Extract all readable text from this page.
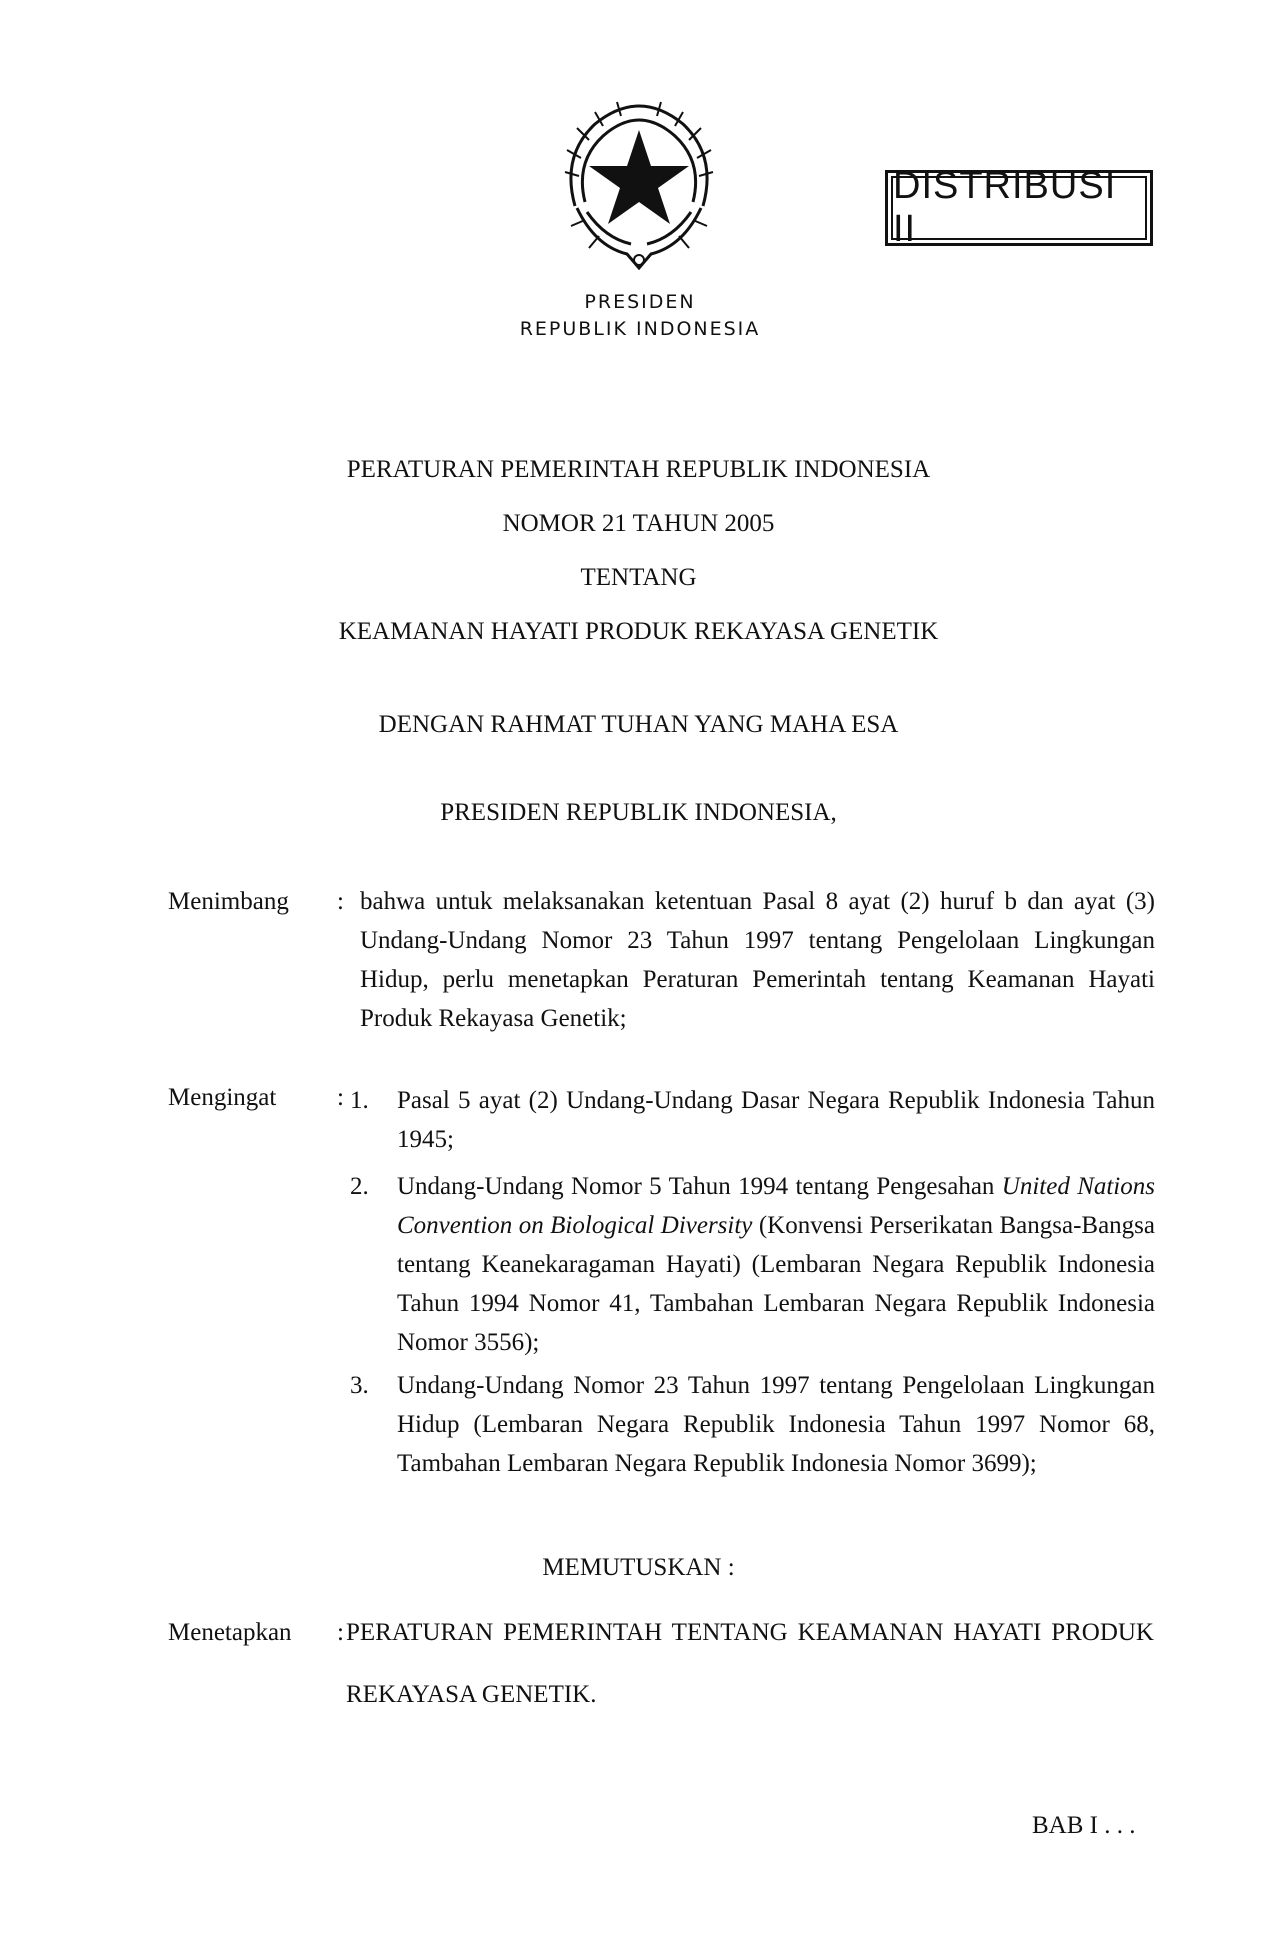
DISTRIBUSI II
PRESIDEN
REPUBLIK INDONESIA
PERATURAN PEMERINTAH REPUBLIK INDONESIA
NOMOR 21 TAHUN 2005
TENTANG
KEAMANAN HAYATI PRODUK REKAYASA GENETIK
DENGAN RAHMAT TUHAN YANG MAHA ESA
PRESIDEN REPUBLIK INDONESIA,
Menimbang : bahwa untuk melaksanakan ketentuan Pasal 8 ayat (2) huruf b dan ayat (3) Undang-Undang Nomor 23 Tahun 1997 tentang Pengelolaan Lingkungan Hidup, perlu menetapkan Peraturan Pemerintah tentang Keamanan Hayati Produk Rekayasa Genetik;
Mengingat : 1. Pasal 5 ayat (2) Undang-Undang Dasar Negara Republik Indonesia Tahun 1945;
2. Undang-Undang Nomor 5 Tahun 1994 tentang Pengesahan United Nations Convention on Biological Diversity (Konvensi Perserikatan Bangsa-Bangsa tentang Keanekaragaman Hayati) (Lembaran Negara Republik Indonesia Tahun 1994 Nomor 41, Tambahan Lembaran Negara Republik Indonesia Nomor 3556);
3. Undang-Undang Nomor 23 Tahun 1997 tentang Pengelolaan Lingkungan Hidup (Lembaran Negara Republik Indonesia Tahun 1997 Nomor 68, Tambahan Lembaran Negara Republik Indonesia Nomor 3699);
MEMUTUSKAN :
Menetapkan : PERATURAN PEMERINTAH TENTANG KEAMANAN HAYATI PRODUK REKAYASA GENETIK.
BAB I . . .
